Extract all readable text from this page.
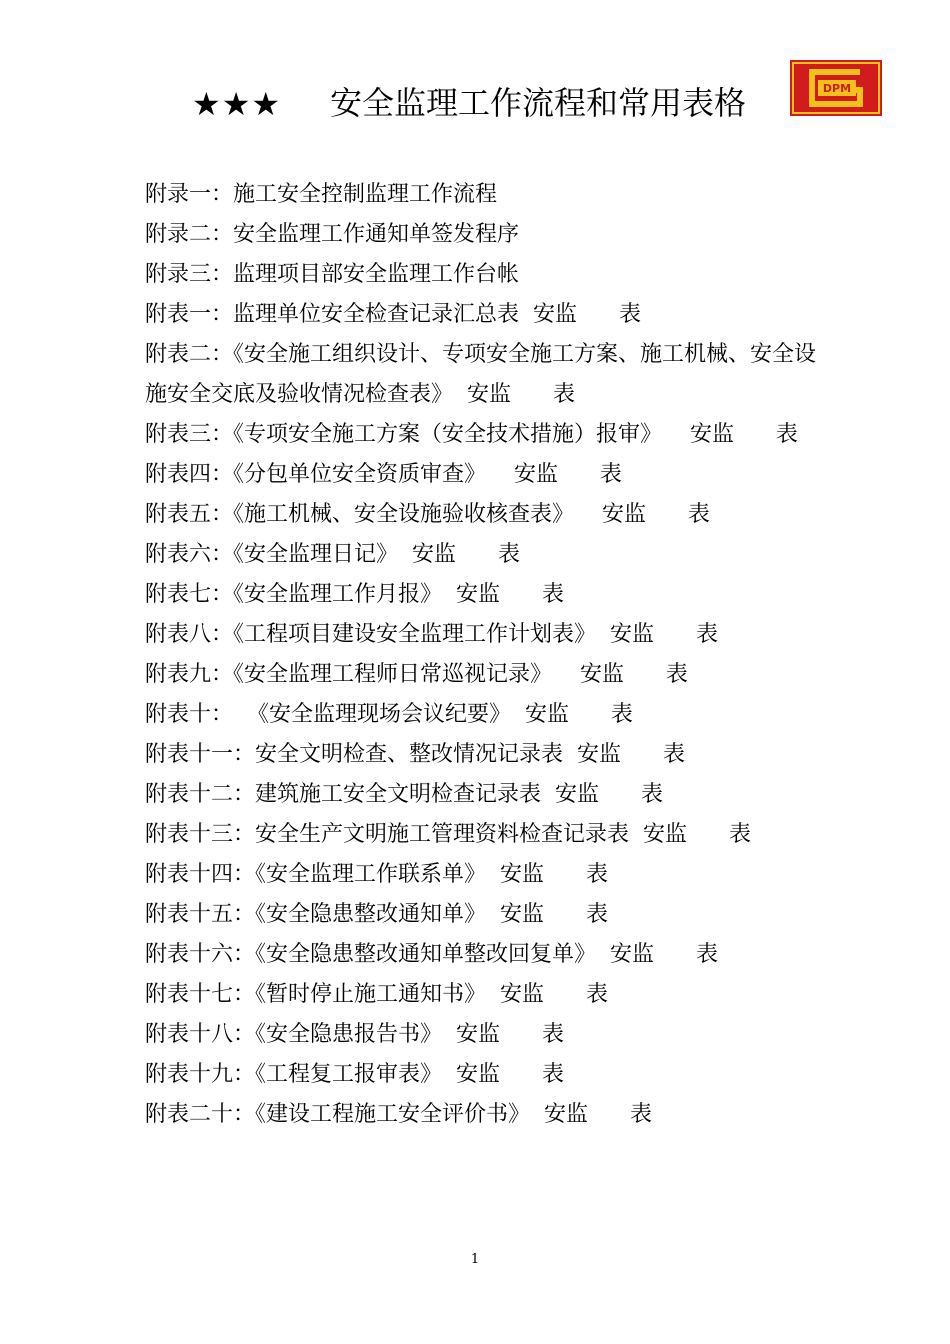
★★★ 安全监理工作流程和常用表格	DPM
附录一：施工安全控制监理工作流程
附录二：安全监理工作通知单签发程序
附录三：监理项目部安全监理工作台帐
附表一：监理单位安全检查记录汇总表  安监      表
附表二：《安全施工组织设计、专项安全施工方案、施工机械、安全设
施安全交底及验收情况检查表》  安监      表
附表三：《专项安全施工方案（安全技术措施）报审》    安监      表
附表四：《分包单位安全资质审查》    安监      表
附表五：《施工机械、安全设施验收核查表》    安监      表
附表六：《安全监理日记》  安监      表
附表七：《安全监理工作月报》  安监      表
附表八：《工程项目建设安全监理工作计划表》  安监      表
附表九：《安全监理工程师日常巡视记录》    安监      表
附表十：  《安全监理现场会议纪要》  安监      表
附表十一：安全文明检查、整改情况记录表  安监      表
附表十二：建筑施工安全文明检查记录表  安监      表
附表十三：安全生产文明施工管理资料检查记录表  安监      表
附表十四：《安全监理工作联系单》  安监      表
附表十五：《安全隐患整改通知单》  安监      表
附表十六：《安全隐患整改通知单整改回复单》  安监      表
附表十七：《暂时停止施工通知书》  安监      表
附表十八：《安全隐患报告书》  安监      表
附表十九：《工程复工报审表》  安监      表
附表二十：《建设工程施工安全评价书》  安监      表
1
